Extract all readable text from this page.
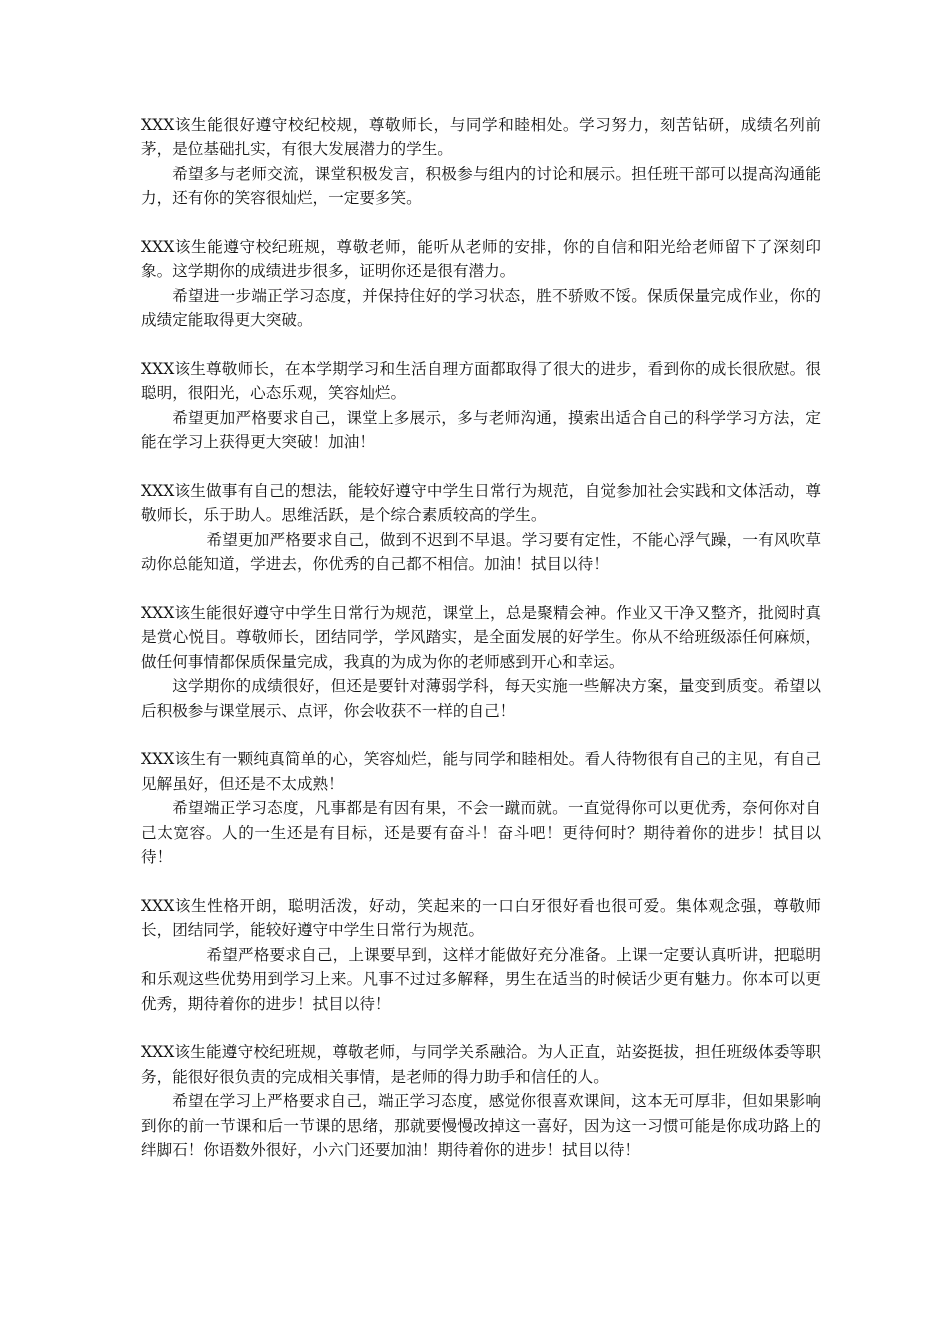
XXX该生能很好遵守校纪校规，尊敬师长，与同学和睦相处。学习努力，刻苦钻研，成绩名列前茅，是位基础扎实，有很大发展潜力的学生。

希望多与老师交流，课堂积极发言，积极参与组内的讨论和展示。担任班干部可以提高沟通能力，还有你的笑容很灿烂，一定要多笑。

XXX该生能遵守校纪班规，尊敬老师，能听从老师的安排，你的自信和阳光给老师留下了深刻印象。这学期你的成绩进步很多，证明你还是很有潜力。

希望进一步端正学习态度，并保持住好的学习状态，胜不骄败不馁。保质保量完成作业，你的成绩定能取得更大突破。

XXX该生尊敬师长，在本学期学习和生活自理方面都取得了很大的进步，看到你的成长很欣慰。很聪明，很阳光，心态乐观，笑容灿烂。

希望更加严格要求自己，课堂上多展示，多与老师沟通，摸索出适合自己的科学学习方法，定能在学习上获得更大突破！加油！

XXX该生做事有自己的想法，能较好遵守中学生日常行为规范，自觉参加社会实践和文体活动，尊敬师长，乐于助人。思维活跃，是个综合素质较高的学生。

希望更加严格要求自己，做到不迟到不早退。学习要有定性，不能心浮气躁，一有风吹草动你总能知道，学进去，你优秀的自己都不相信。加油！拭目以待！

XXX该生能很好遵守中学生日常行为规范，课堂上，总是聚精会神。作业又干净又整齐，批阅时真是赏心悦目。尊敬师长，团结同学，学风踏实，是全面发展的好学生。你从不给班级添任何麻烦，做任何事情都保质保量完成，我真的为成为你的老师感到开心和幸运。

这学期你的成绩很好，但还是要针对薄弱学科，每天实施一些解决方案，量变到质变。希望以后积极参与课堂展示、点评，你会收获不一样的自己！

XXX该生有一颗纯真简单的心，笑容灿烂，能与同学和睦相处。看人待物很有自己的主见，有自己见解虽好，但还是不太成熟！

希望端正学习态度，凡事都是有因有果，不会一蹴而就。一直觉得你可以更优秀，奈何你对自己太宽容。人的一生还是有目标，还是要有奋斗！奋斗吧！更待何时？期待着你的进步！拭目以待！

XXX该生性格开朗，聪明活泼，好动，笑起来的一口白牙很好看也很可爱。集体观念强，尊敬师长，团结同学，能较好遵守中学生日常行为规范。

希望严格要求自己，上课要早到，这样才能做好充分准备。上课一定要认真听讲，把聪明和乐观这些优势用到学习上来。凡事不过过多解释，男生在适当的时候话少更有魅力。你本可以更优秀，期待着你的进步！拭目以待！

XXX该生能遵守校纪班规，尊敬老师，与同学关系融洽。为人正直，站姿挺拔，担任班级体委等职务，能很好很负责的完成相关事情，是老师的得力助手和信任的人。

希望在学习上严格要求自己，端正学习态度，感觉你很喜欢课间，这本无可厚非，但如果影响到你的前一节课和后一节课的思绪，那就要慢慢改掉这一喜好，因为这一习惯可能是你成功路上的绊脚石！你语数外很好，小六门还要加油！期待着你的进步！拭目以待！
